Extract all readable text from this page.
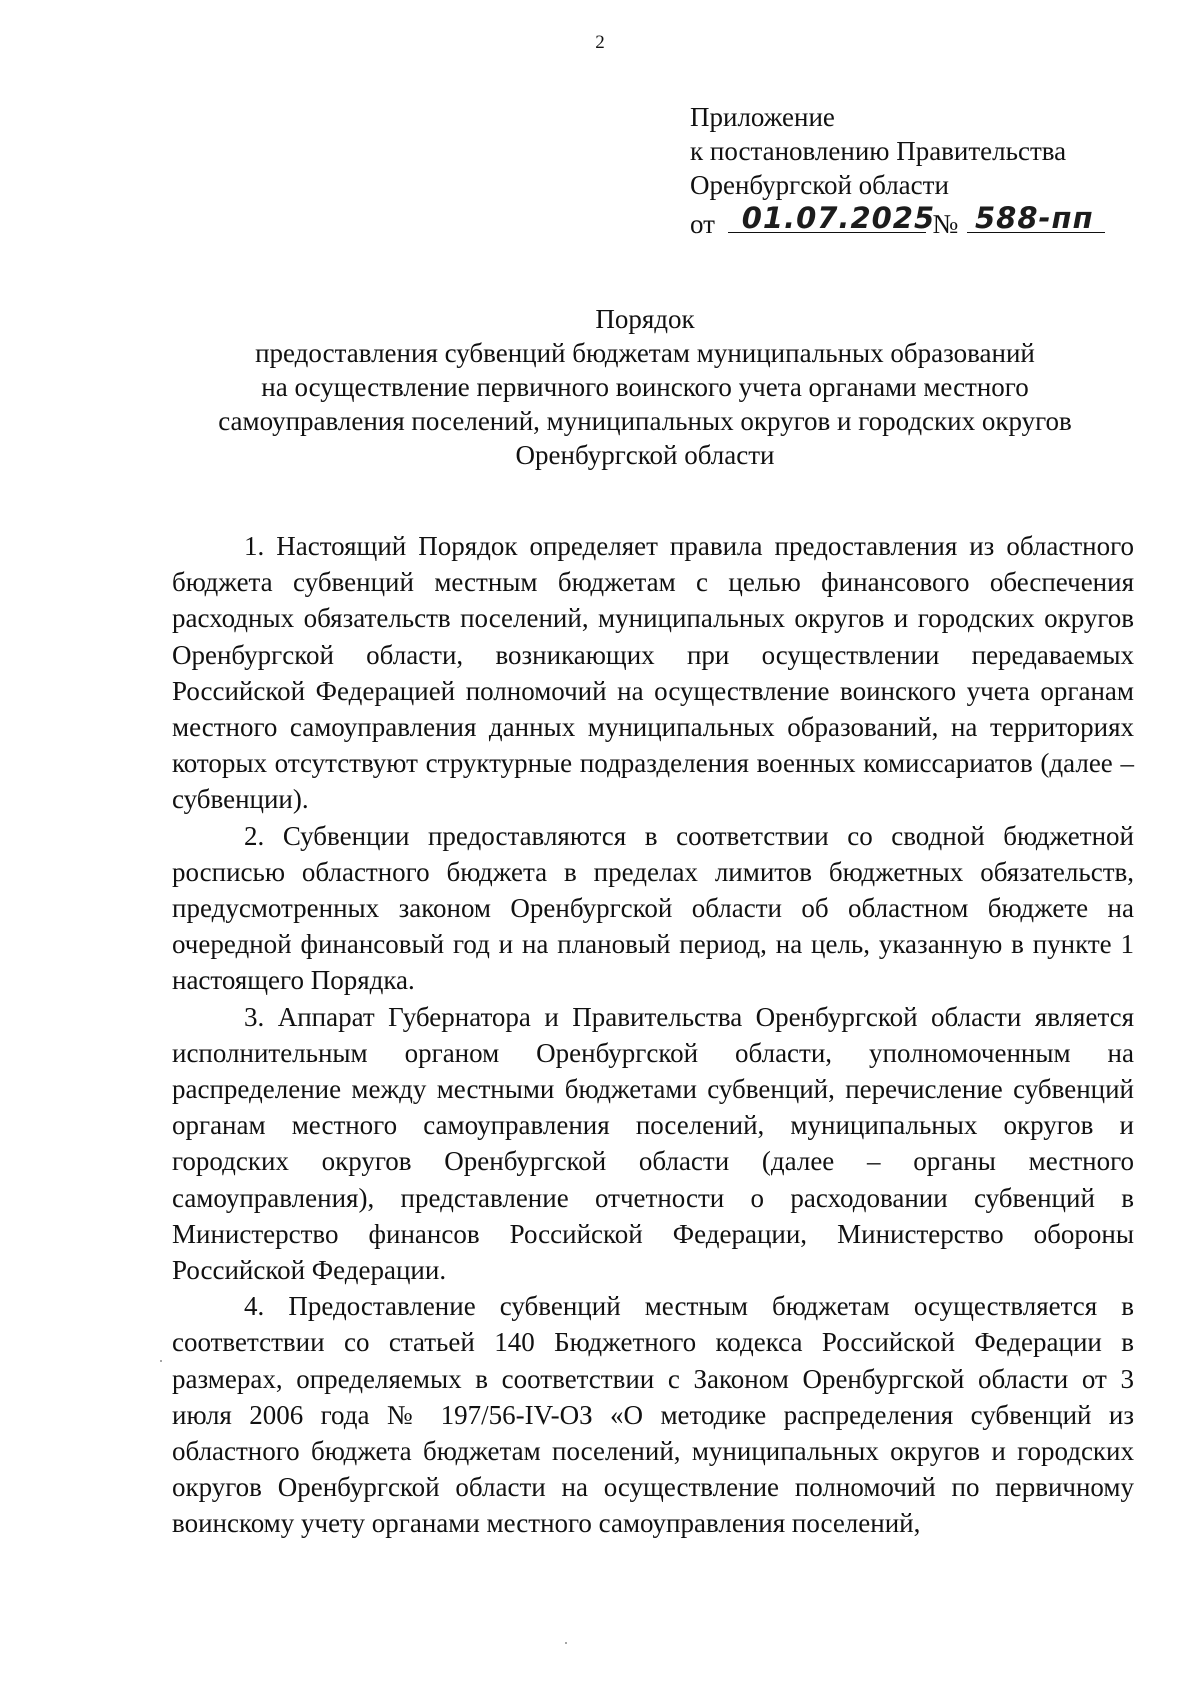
2
Приложение
к постановлению Правительства
Оренбургской области
от 01.07.2025
№ 588-пп
Порядок
предоставления субвенций бюджетам муниципальных образований
на осуществление первичного воинского учета органами местного
самоуправления поселений, муниципальных округов и городских округов
Оренбургской области

1. Настоящий Порядок определяет правила предоставления из областного бюджета субвенций местным бюджетам с целью финансового обеспечения расходных обязательств поселений, муниципальных округов и городских округов Оренбургской области, возникающих при осуществлении передаваемых Российской Федерацией полномочий на осуществление воинского учета органам местного самоуправления данных муниципальных образований, на территориях которых отсутствуют структурные подразделения военных комиссариатов (далее – субвенции).

2. Субвенции предоставляются в соответствии со сводной бюджетной росписью областного бюджета в пределах лимитов бюджетных обязательств, предусмотренных законом Оренбургской области об областном бюджете на очередной финансовый год и на плановый период, на цель, указанную в пункте 1 настоящего Порядка.

3. Аппарат Губернатора и Правительства Оренбургской области является исполнительным органом Оренбургской области, уполномоченным на распределение между местными бюджетами субвенций, перечисление субвенций органам местного самоуправления поселений, муниципальных округов и городских округов Оренбургской области (далее – органы местного самоуправления), представление отчетности о расходовании субвенций в Министерство финансов Российской Федерации, Министерство обороны Российской Федерации.

4. Предоставление субвенций местным бюджетам осуществляется в соответствии со статьей 140 Бюджетного кодекса Российской Федерации в размерах, определяемых в соответствии с Законом Оренбургской области от 3 июля 2006 года № 197/56-IV-ОЗ «О методике распределения субвенций из областного бюджета бюджетам поселений, муниципальных округов и городских округов Оренбургской области на осуществление полномочий по первичному воинскому учету органами местного самоуправления поселений,
